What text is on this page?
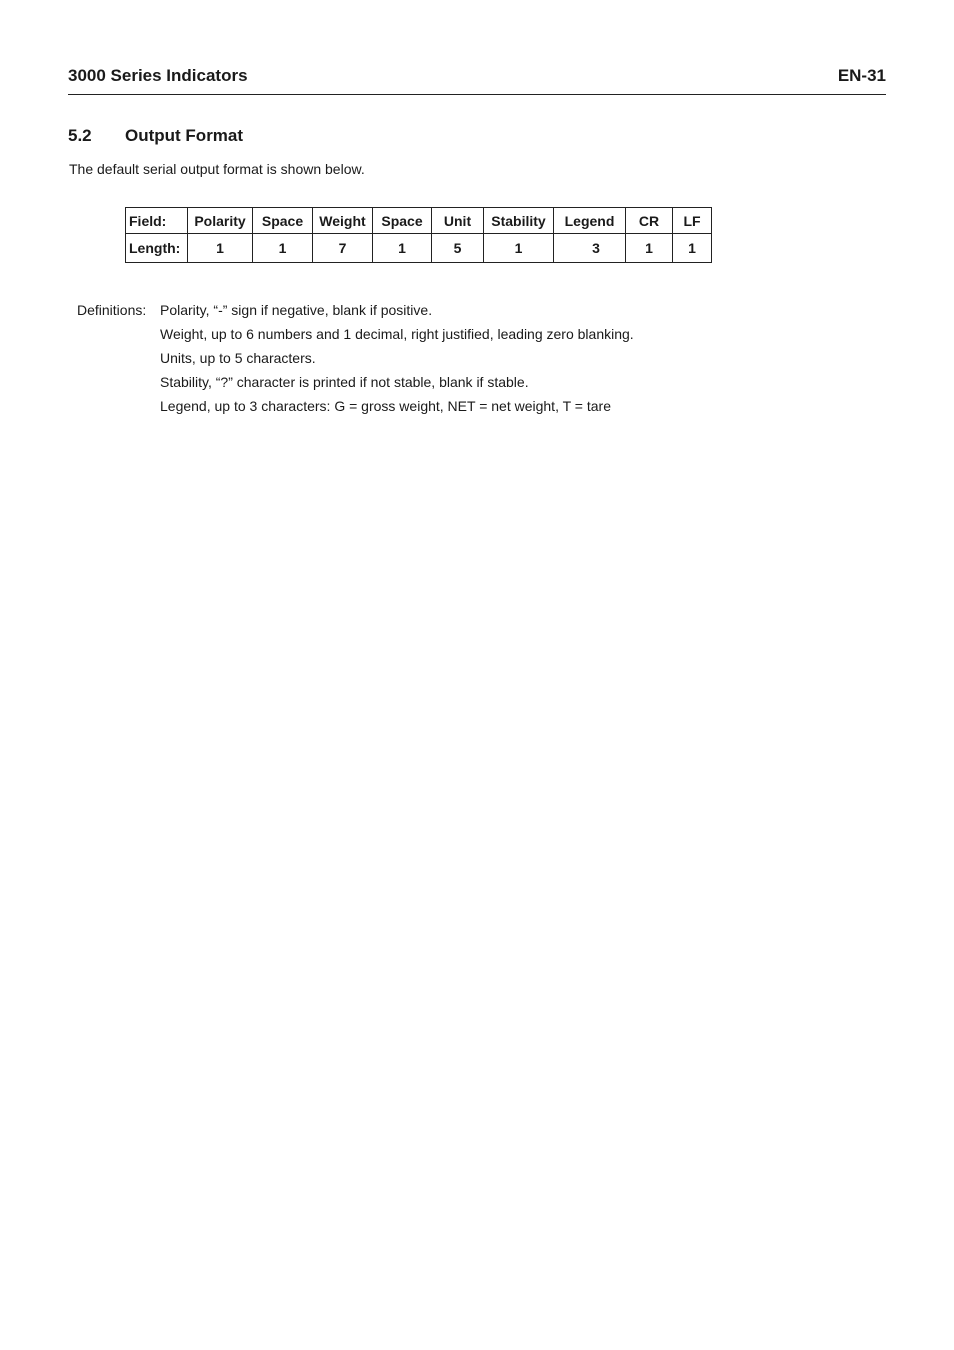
3000 Series Indicators	EN-31
5.2 Output Format
The default serial output format is shown below.
Field:	Polarity	Space	Weight	Space	Unit	Stability	Legend	CR	LF
Length:	1	1	7	1	5	1	3	1	1
Definitions: Polarity, “-” sign if negative, blank if positive.
Weight, up to 6 numbers and 1 decimal, right justified, leading zero blanking.
Units, up to 5 characters.
Stability, “?” character is printed if not stable, blank if stable.
Legend, up to 3 characters: G = gross weight, NET = net weight, T = tare
